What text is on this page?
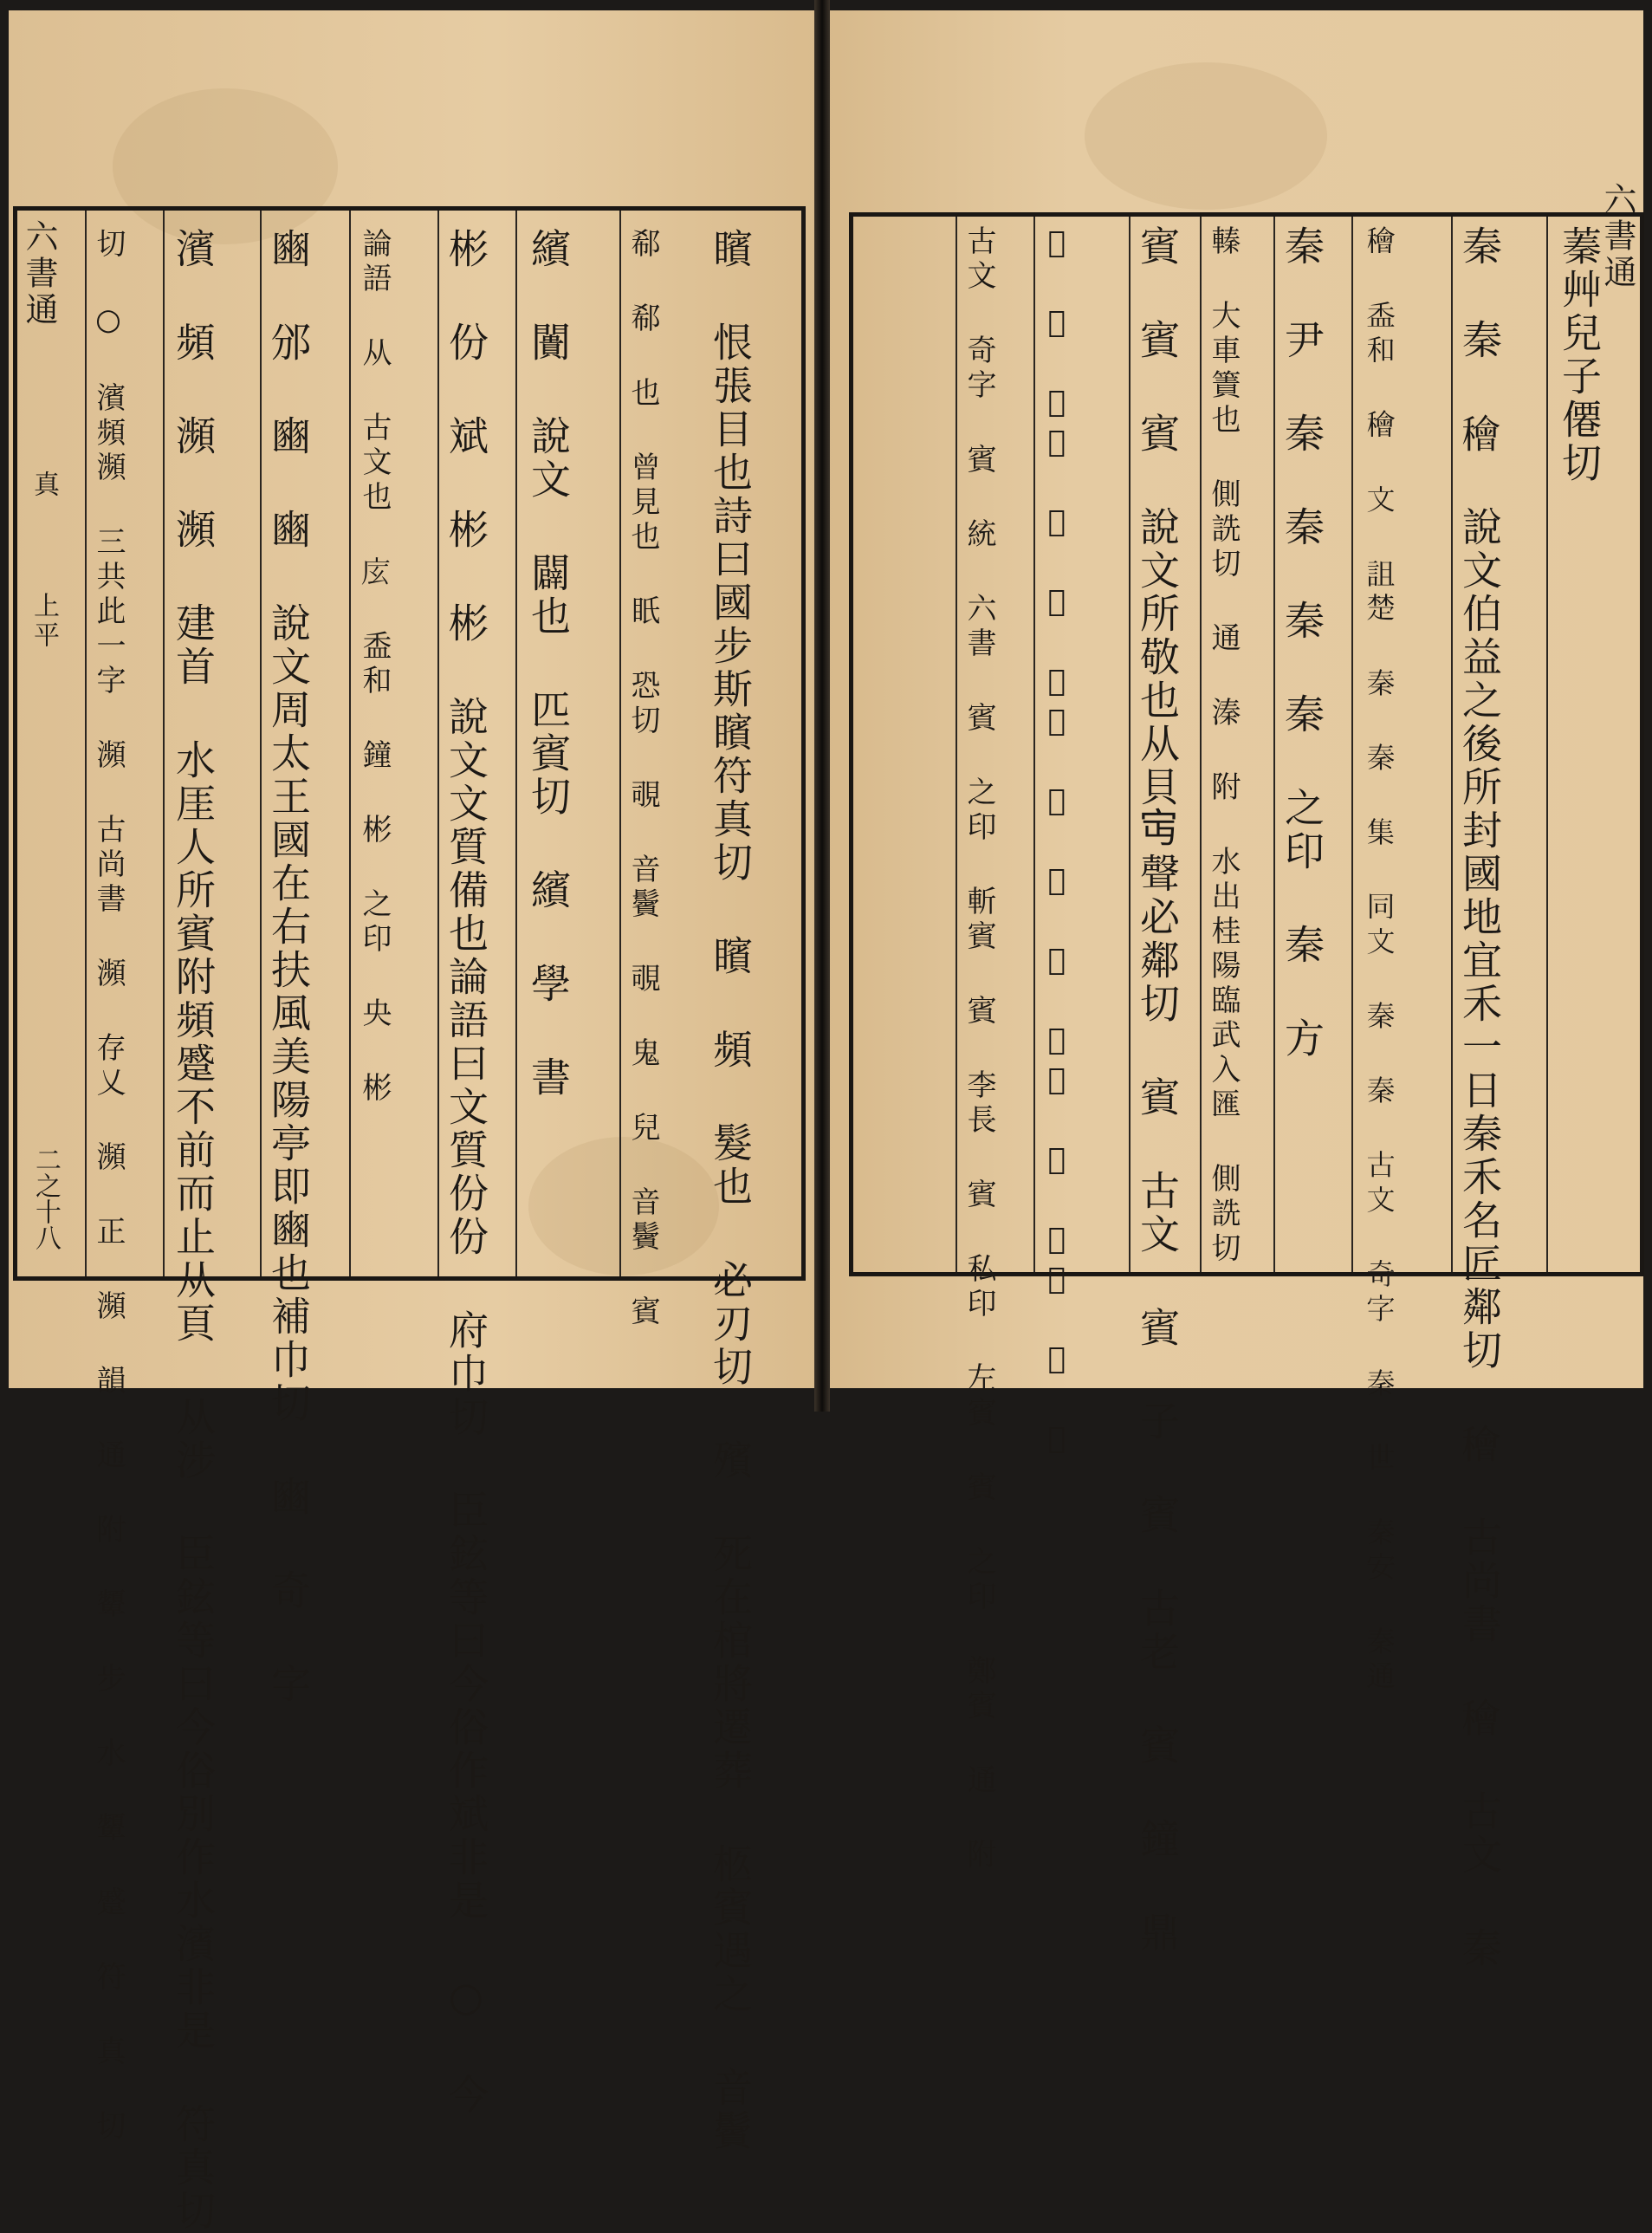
矉 恨張目也詩曰國步斯矉符真切 矉 頻 髮也 必刃切 殯 死在棺將遷葬 柩賓遇之 音鬢
郗 郗 也 曾見也 眂 恐切 覗 音鬢 覗 鬼 兒 音鬢 賓
繽 闠 說文 闢也 匹賓切 繽 學 書
彬 份 斌 彬 彬 說文文質備也論語曰文質份份 府巾切 臣鉉等曰今俗作斌非是 ○ 今
論語 从 古文也 𢇨 盉和 鐘 彬 之印 央 彬
豳 邠 豳 豳 說文周太王國在右扶風美陽亭即豳也補巾切 豳 奇 字
濱 頻 瀕 瀕 建首 水厓人所賓附頻蹙不前而止从頁 从涉 臣鉉等曰今俗別作水濱非是 符真切
切 ○ 濱頻瀕 三共此一字 瀕 古尚書 瀕 存乂 瀕 正 瀕 韻 通 附 顰 步 水 顰 蹙 符 真 切
六書通
真
上平
二之十八
蓁艸兒子僊切
秦 秦 𥢶 說文伯益之後所封國地宜禾一日秦禾名匠鄰切 𥢶 古尚書 𥢶 古文 秦
𥢶 盉和 𥢶 文 詛楚 秦 秦 集 同文 秦 秦 古文 奇字 秦 世 秦安 秦通
秦 尹 秦 秦 秦 秦 之印 秦 方
轃 大車簀也 側詵切 通 溱 附 水出桂陽臨武入匯 側詵切
賓 賓 賓 說文所敬也从貝𡧍聲必鄰切 賓 古文 賓 子 賓 古老 賓 鐘 鼎
𡨍 帶 夏鉤 賓 篇 張仲 賓 賓 介 切韻 賓 存乂 賓 賓
古文 奇字 賓 統 六書 賓 之印 斬賓 賓 李長 賓 私印 左賓 賓 之印 鄭賓 通 附	六書通
